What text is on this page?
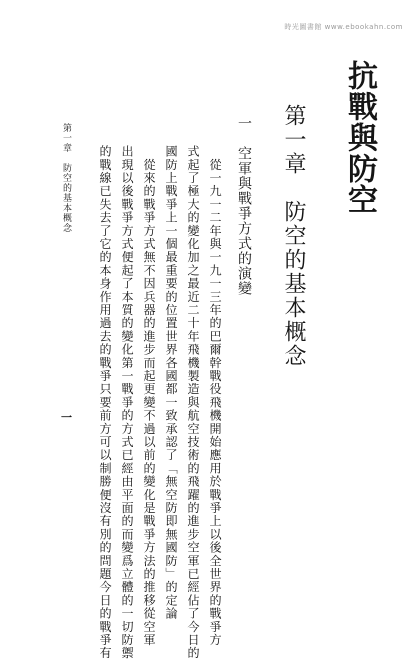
時光圖書館 www.ebookahn.com
抗戰與防空
第一章　防空的基本概念
一　空軍與戰爭方式的演變
　從一九一二年與一九一三年的巴爾幹戰役飛機開始應用於戰爭上以後全世界的戰爭方
式起了極大的變化加之最近二十年飛機製造與航空技術的飛躍的進步空軍已經佔了今日的
國防上戰爭上一個最重要的位置世界各國都一致承認了「無空防即無國防」的定論
　從來的戰爭方式無不因兵器的進步而起更變不過以前的變化是戰爭方法的推移從空軍
出現以後戰爭方式便起了本質的變化第一戰爭的方式已經由平面的而變爲立體的一切防禦
的戰線已失去了它的本身作用過去的戰爭只要前方可以制勝便沒有別的問題今日的戰爭有
第一章　防空的基本概念
一
